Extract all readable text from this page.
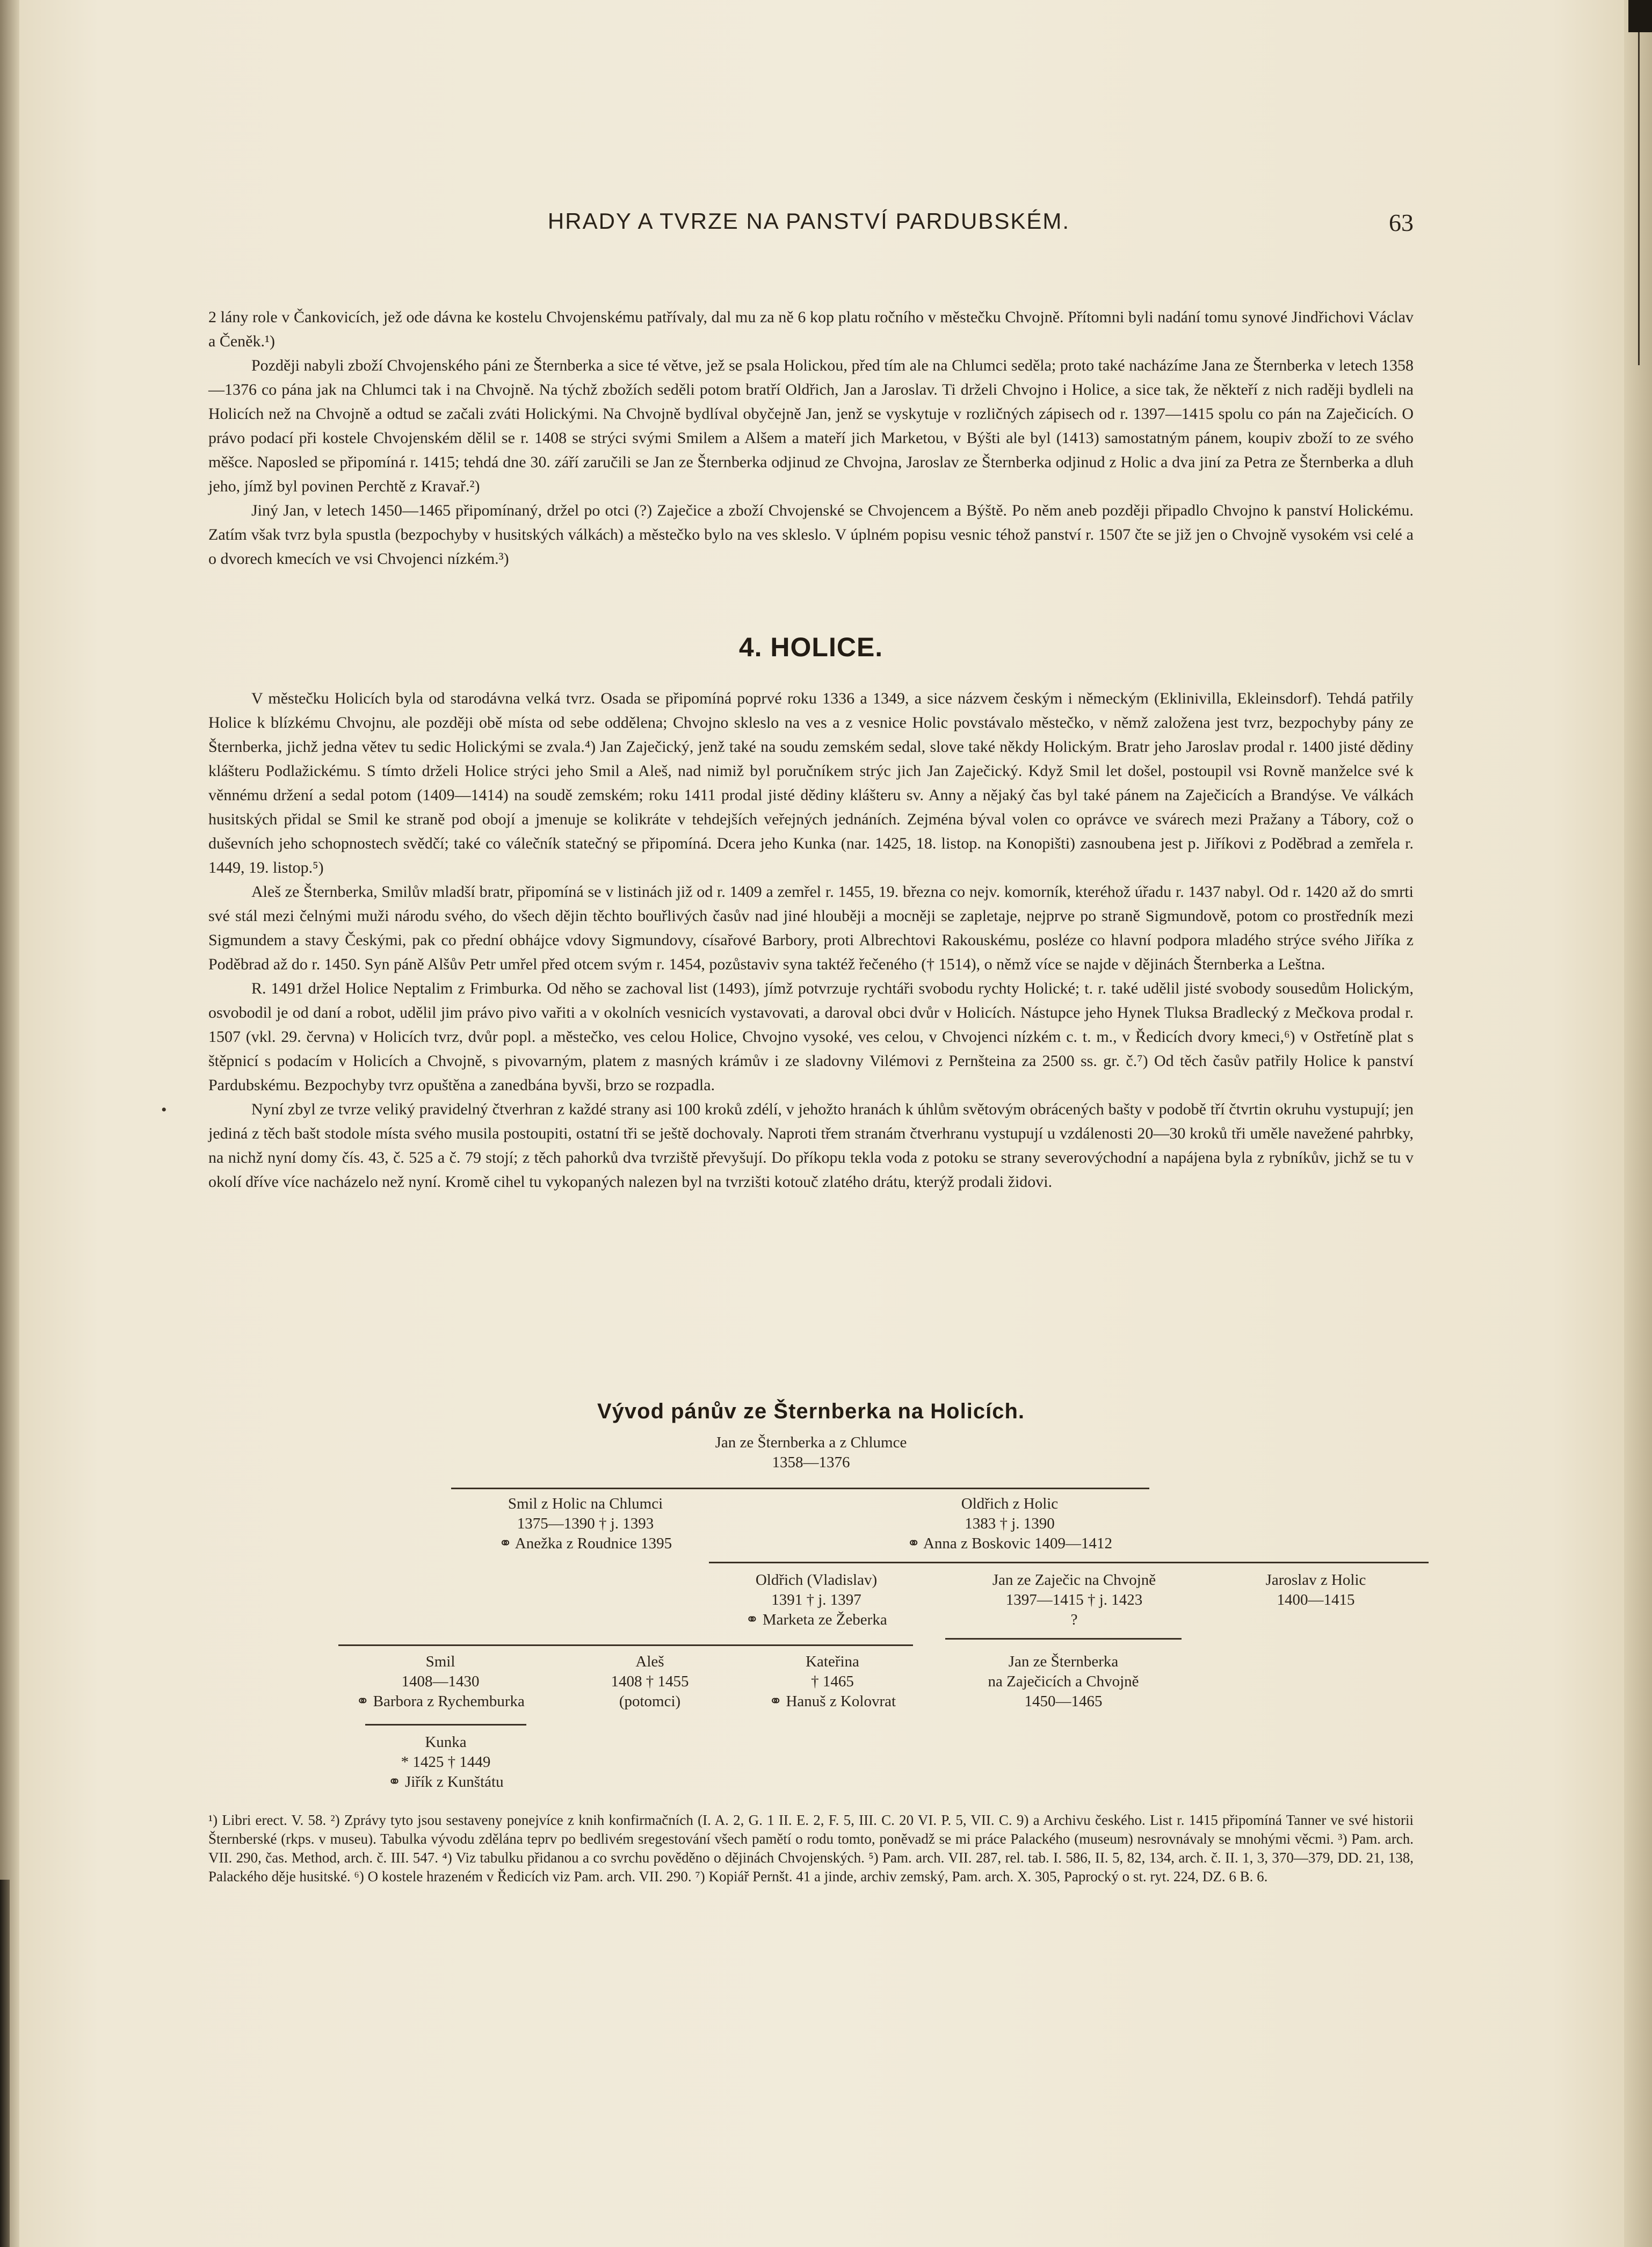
HRADY A TVRZE NA PANSTVÍ PARDUBSKÉM.	63

2 lány role v Čankovicích, jež ode dávna ke kostelu Chvojenskému patřívaly, dal mu za ně 6 kop platu ročního v městečku Chvojně. Přítomni byli nadání tomu synové Jindřichovi Václav a Čeněk.¹)

Později nabyli zboží Chvojenského páni ze Šternberka a sice té větve, jež se psala Holickou, před tím ale na Chlumci seděla; proto také nacházíme Jana ze Šternberka v letech 1358—1376 co pána jak na Chlumci tak i na Chvojně. Na týchž zbožích seděli potom bratří Oldřich, Jan a Jaroslav. Ti drželi Chvojno i Holice, a sice tak, že někteří z nich raději bydleli na Holicích než na Chvojně a odtud se začali zváti Holickými. Na Chvojně bydlíval obyčejně Jan, jenž se vyskytuje v rozličných zápisech od r. 1397—1415 spolu co pán na Zaječicích. O právo podací při kostele Chvojenském dělil se r. 1408 se strýci svými Smilem a Alšem a mateří jich Marketou, v Býšti ale byl (1413) samostatným pánem, koupiv zboží to ze svého měšce. Naposled se připomíná r. 1415; tehdá dne 30. září zaručili se Jan ze Šternberka odjinud ze Chvojna, Jaroslav ze Šternberka odjinud z Holic a dva jiní za Petra ze Šternberka a dluh jeho, jímž byl povinen Perchtě z Kravař.²)

Jiný Jan, v letech 1450—1465 připomínaný, držel po otci (?) Zaječice a zboží Chvojenské se Chvojencem a Býště. Po něm aneb později připadlo Chvojno k panství Holickému. Zatím však tvrz byla spustla (bezpochyby v husitských válkách) a městečko bylo na ves skleslo. V úplném popisu vesnic téhož panství r. 1507 čte se již jen o Chvojně vysokém vsi celé a o dvorech kmecích ve vsi Chvojenci nízkém.³)

4. HOLICE.

V městečku Holicích byla od starodávna velká tvrz. Osada se připomíná poprvé roku 1336 a 1349, a sice názvem českým i německým (Eklinivilla, Ekleinsdorf). Tehdá patřily Holice k blízkému Chvojnu, ale později obě místa od sebe oddělena; Chvojno skleslo na ves a z vesnice Holic povstávalo městečko, v němž založena jest tvrz, bezpochyby pány ze Šternberka, jichž jedna větev tu sedic Holickými se zvala.⁴) Jan Zaječický, jenž také na soudu zemském sedal, slove také někdy Holickým. Bratr jeho Jaroslav prodal r. 1400 jisté dědiny klášteru Podlažickému. S tímto drželi Holice strýci jeho Smil a Aleš, nad nimiž byl poručníkem strýc jich Jan Zaječický. Když Smil let došel, postoupil vsi Rovně manželce své k věnnému držení a sedal potom (1409—1414) na soudě zemském; roku 1411 prodal jisté dědiny klášteru sv. Anny a nějaký čas byl také pánem na Zaječicích a Brandýse. Ve válkách husitských přidal se Smil ke straně pod obojí a jmenuje se kolikráte v tehdejších veřejných jednáních. Zejména býval volen co oprávce ve svárech mezi Pražany a Tábory, což o duševních jeho schopnostech svědčí; také co válečník statečný se připomíná. Dcera jeho Kunka (nar. 1425, 18. listop. na Konopišti) zasnoubena jest p. Jiříkovi z Poděbrad a zemřela r. 1449, 19. listop.⁵)

Aleš ze Šternberka, Smilův mladší bratr, připomíná se v listinách již od r. 1409 a zemřel r. 1455, 19. března co nejv. komorník, kteréhož úřadu r. 1437 nabyl. Od r. 1420 až do smrti své stál mezi čelnými muži národu svého, do všech dějin těchto bouřlivých časův nad jiné hlouběji a mocněji se zapletaje, nejprve po straně Sigmundově, potom co prostředník mezi Sigmundem a stavy Českými, pak co přední obhájce vdovy Sigmundovy, císařové Barbory, proti Albrechtovi Rakouskému, posléze co hlavní podpora mladého strýce svého Jiříka z Poděbrad až do r. 1450. Syn páně Alšův Petr umřel před otcem svým r. 1454, pozůstaviv syna taktéž řečeného († 1514), o němž více se najde v dějinách Šternberka a Leštna.

R. 1491 držel Holice Neptalim z Frimburka. Od něho se zachoval list (1493), jímž potvrzuje rychtáři svobodu rychty Holické; t. r. také udělil jisté svobody sousedům Holickým, osvobodil je od daní a robot, udělil jim právo pivo vařiti a v okolních vesnicích vystavovati, a daroval obci dvůr v Holicích. Nástupce jeho Hynek Tluksa Bradlecký z Mečkova prodal r. 1507 (vkl. 29. června) v Holicích tvrz, dvůr popl. a městečko, ves celou Holice, Chvojno vysoké, ves celou, v Chvojenci nízkém c. t. m., v Ředicích dvory kmeci,⁶) v Ostřetíně plat s štěpnicí s podacím v Holicích a Chvojně, s pivovarným, platem z masných krámův i ze sladovny Vilémovi z Pernšteina za 2500 ss. gr. č.⁷) Od těch časův patřily Holice k panství Pardubskému. Bezpochyby tvrz opuštěna a zanedbána byvši, brzo se rozpadla.

Nyní zbyl ze tvrze veliký pravidelný čtverhran z každé strany asi 100 kroků zdélí, v jehožto hranách k úhlům světovým obrácených bašty v podobě tří čtvrtin okruhu vystupují; jen jediná z těch bašt stodole místa svého musila postoupiti, ostatní tři se ještě dochovaly. Naproti třem stranám čtverhranu vystupují u vzdálenosti 20—30 kroků tři uměle navežené pahrbky, na nichž nyní domy čís. 43, č. 525 a č. 79 stojí; z těch pahorků dva tvrziště převyšují. Do příkopu tekla voda z potoku se strany severovýchodní a napájena byla z rybníkův, jichž se tu v okolí dříve více nacházelo než nyní. Kromě cihel tu vykopaných nalezen byl na tvrzišti kotouč zlatého drátu, kterýž prodali židovi.

•
Vývod pánův ze Šternberka na Holicích.
Jan ze Šternberka a z Chlumce
1358—1376
Smil z Holic na Chlumci
1375—1390 † j. 1393
⚭ Anežka z Roudnice 1395
Oldřich z Holic
1383 † j. 1390
⚭ Anna z Boskovic 1409—1412
Oldřich (Vladislav)
1391 † j. 1397
⚭ Marketa ze Žeberka
Jan ze Zaječic na Chvojně
1397—1415 † j. 1423
?
Jaroslav z Holic
1400—1415
Smil
1408—1430
⚭ Barbora z Rychemburka
Aleš
1408 † 1455
(potomci)
Kateřina
† 1465
⚭ Hanuš z Kolovrat
Jan ze Šternberka
na Zaječicích a Chvojně
1450—1465
Kunka
* 1425 † 1449
⚭ Jiřík z Kunštátu
¹) Libri erect. V. 58. ²) Zprávy tyto jsou sestaveny ponejvíce z knih konfirmačních (I. A. 2, G. 1 II. E. 2, F. 5, III. C. 20 VI. P. 5, VII. C. 9) a Archivu českého. List r. 1415 připomíná Tanner ve své historii Šternberské (rkps. v museu). Tabulka vývodu zdělána teprv po bedlivém sregestování všech pamětí o rodu tomto, poněvadž se mi práce Palackého (museum) nesrovnávaly se mnohými věcmi. ³) Pam. arch. VII. 290, čas. Method, arch. č. III. 547. ⁴) Viz tabulku přidanou a co svrchu pověděno o dějinách Chvojenských. ⁵) Pam. arch. VII. 287, rel. tab. I. 586, II. 5, 82, 134, arch. č. II. 1, 3, 370—379, DD. 21, 138, Palackého děje husitské. ⁶) O kostele hrazeném v Ředicích viz Pam. arch. VII. 290. ⁷) Kopiář Pernšt. 41 a jinde, archiv zemský, Pam. arch. X. 305, Paprocký o st. ryt. 224, DZ. 6 B. 6.
